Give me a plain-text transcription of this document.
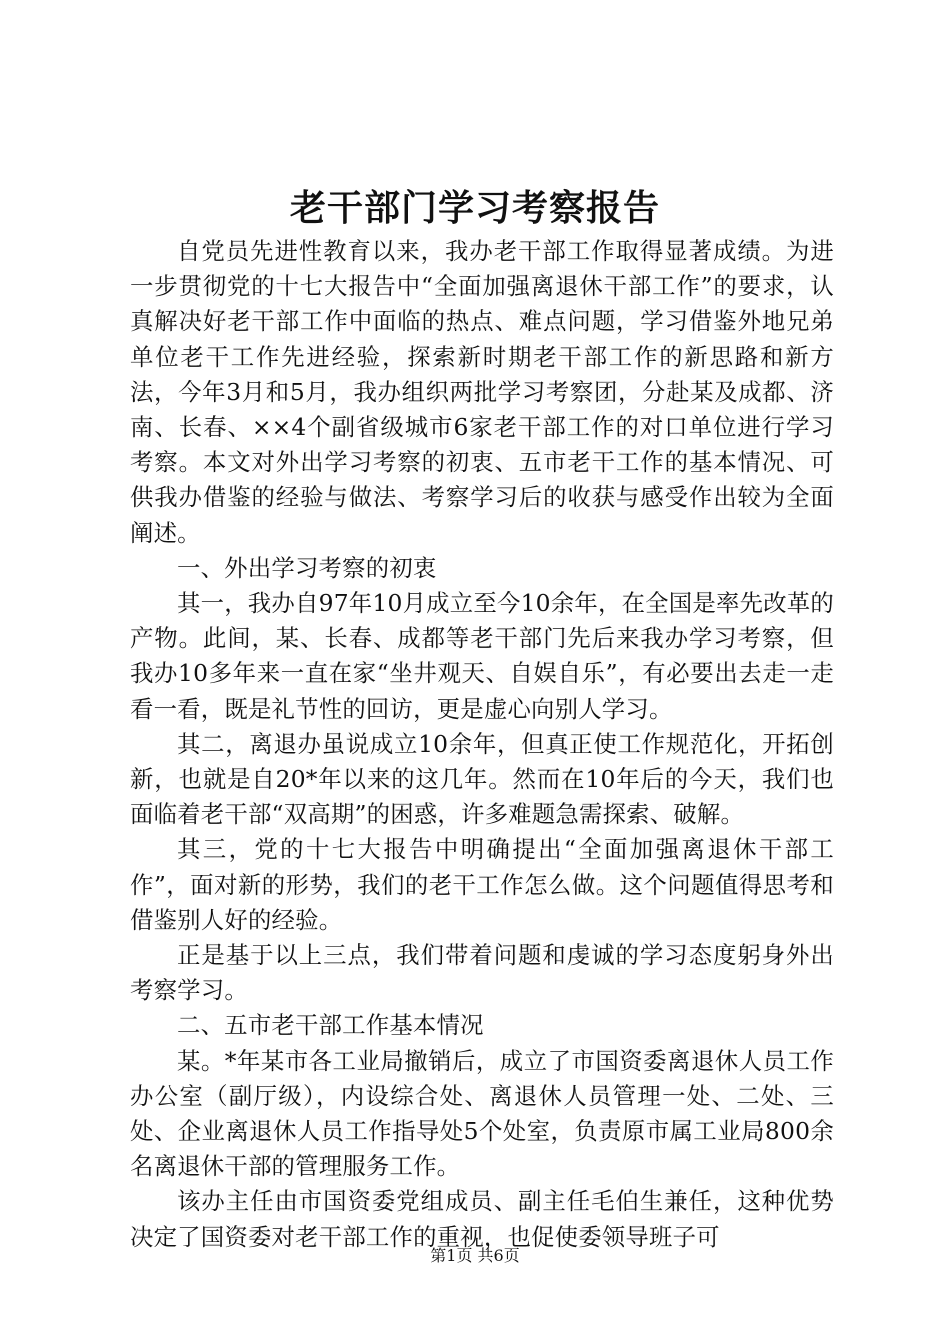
老干部门学习考察报告

自党员先进性教育以来，我办老干部工作取得显著成绩。为进一步贯彻党的十七大报告中“全面加强离退休干部工作”的要求，认真解决好老干部工作中面临的热点、难点问题，学习借鉴外地兄弟单位老干工作先进经验，探索新时期老干部工作的新思路和新方法，今年3月和5月，我办组织两批学习考察团，分赴某及成都、济南、长春、××4个副省级城市6家老干部工作的对口单位进行学习考察。本文对外出学习考察的初衷、五市老干工作的基本情况、可供我办借鉴的经验与做法、考察学习后的收获与感受作出较为全面阐述。

一、外出学习考察的初衷

其一，我办自97年10月成立至今10余年，在全国是率先改革的产物。此间，某、长春、成都等老干部门先后来我办学习考察，但我办10多年来一直在家“坐井观天、自娱自乐”，有必要出去走一走看一看，既是礼节性的回访，更是虚心向别人学习。

其二，离退办虽说成立10余年，但真正使工作规范化，开拓创新，也就是自20*年以来的这几年。然而在10年后的今天，我们也面临着老干部“双高期”的困惑，许多难题急需探索、破解。

其三，党的十七大报告中明确提出“全面加强离退休干部工作”，面对新的形势，我们的老干工作怎么做。这个问题值得思考和借鉴别人好的经验。

正是基于以上三点，我们带着问题和虔诚的学习态度躬身外出考察学习。

二、五市老干部工作基本情况

某。*年某市各工业局撤销后，成立了市国资委离退休人员工作办公室（副厅级），内设综合处、离退休人员管理一处、二处、三处、企业离退休人员工作指导处5个处室，负责原市属工业局800余名离退休干部的管理服务工作。

该办主任由市国资委党组成员、副主任毛伯生兼任，这种优势决定了国资委对老干部工作的重视，也促使委领导班子可

第1页 共6页
